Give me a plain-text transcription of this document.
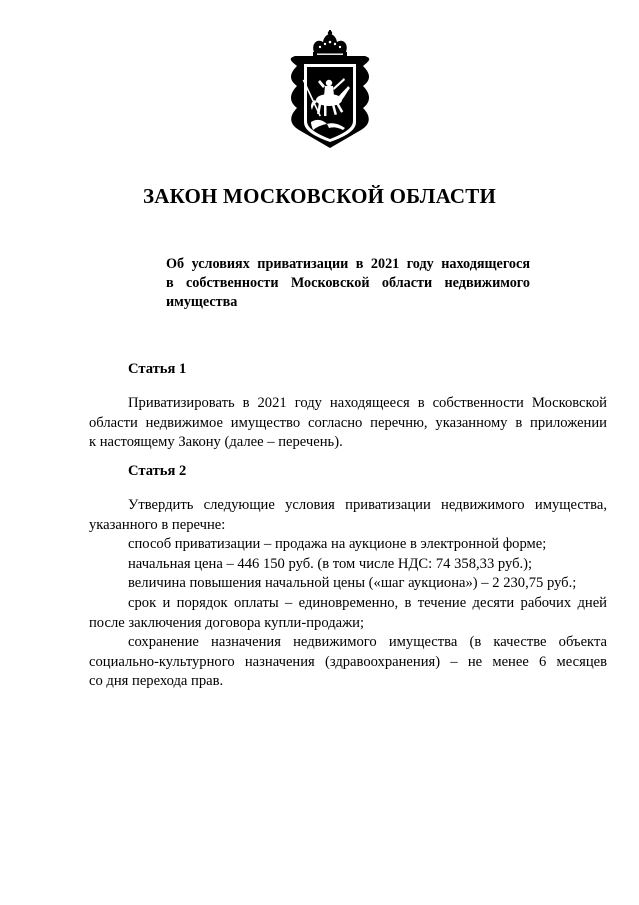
ЗАКОН МОСКОВСКОЙ ОБЛАСТИ
Об условиях приватизации в 2021 году находящегося
в собственности Московской области недвижимого
имущества
Статья 1
Приватизировать в 2021 году находящееся в собственности Московской
области недвижимое имущество согласно перечню, указанному в приложении
к настоящему Закону (далее – перечень).
Статья 2
Утвердить следующие условия приватизации недвижимого имущества,
указанного в перечне:
способ приватизации – продажа на аукционе в электронной форме;
начальная цена – 446 150 руб. (в том числе НДС: 74 358,33 руб.);
величина повышения начальной цены («шаг аукциона») – 2 230,75 руб.;
срок и порядок оплаты – единовременно, в течение десяти рабочих дней
после заключения договора купли-продажи;
сохранение назначения недвижимого имущества (в качестве объекта
социально-культурного назначения (здравоохранения) – не менее 6 месяцев
со дня перехода прав.
